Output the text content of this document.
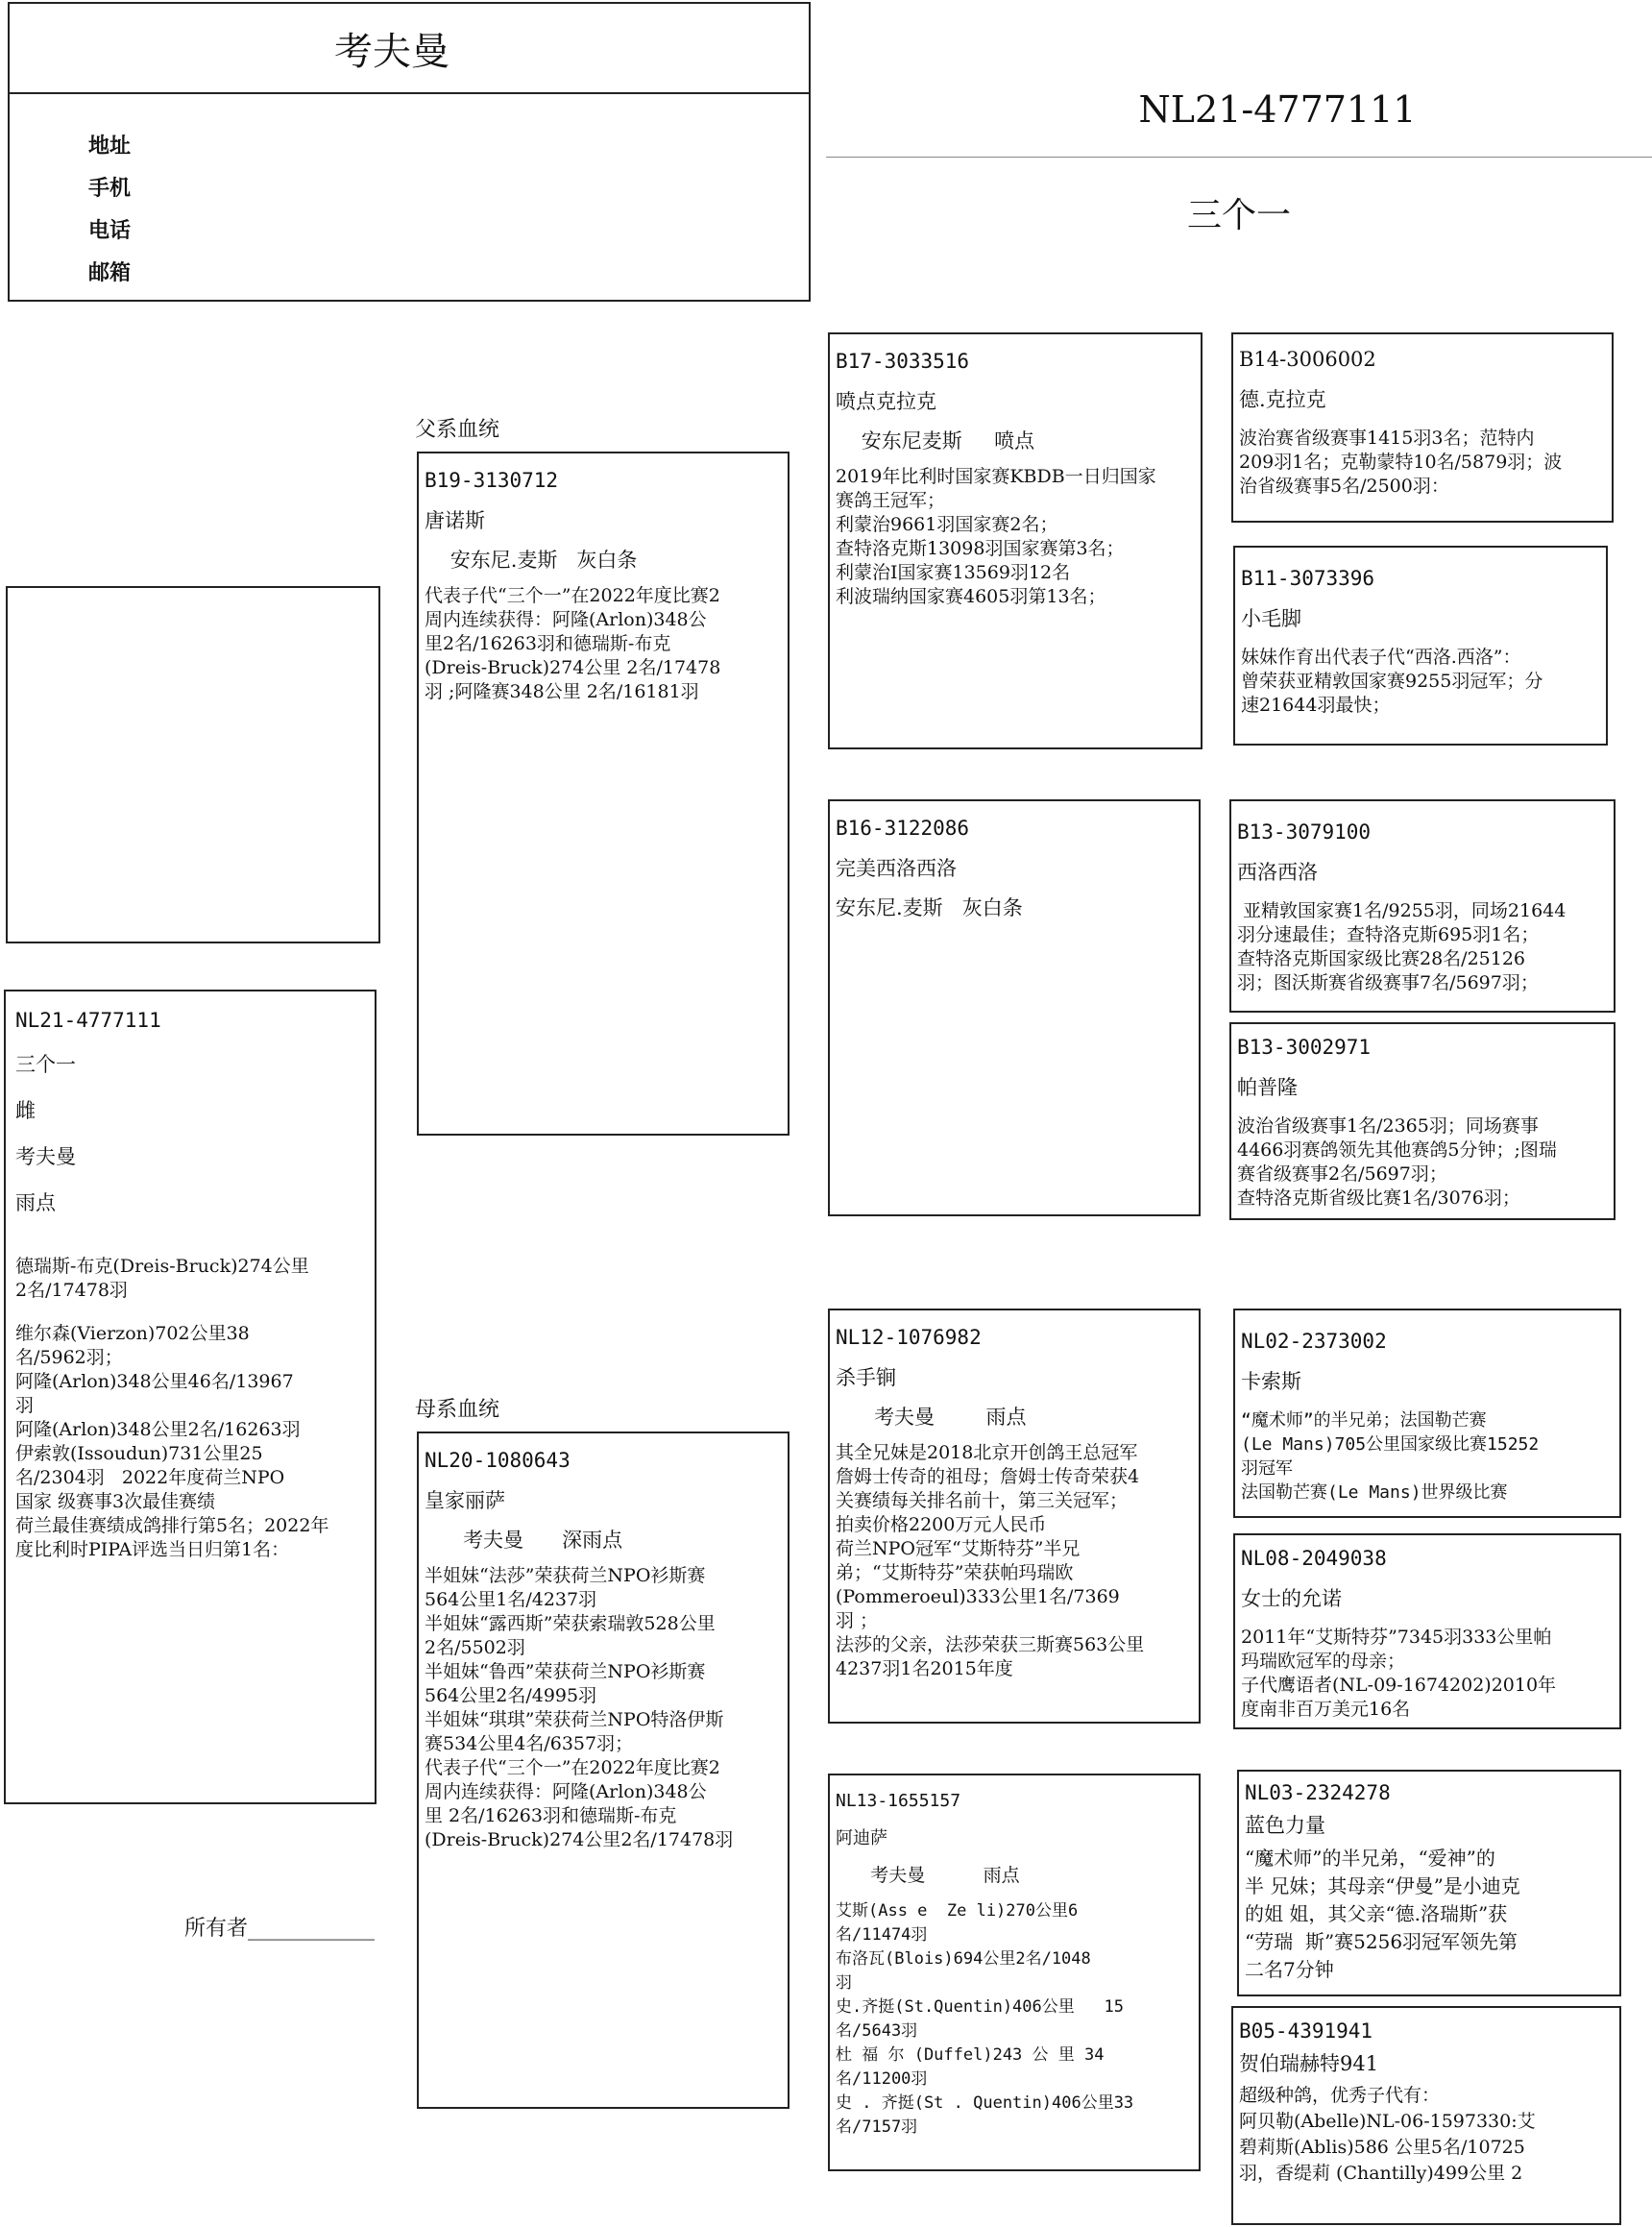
考夫曼
地址
手机
电话
邮箱
NL21-4777111
三个一
NL21-4777111
三个一
雌
考夫曼
雨点
德瑞斯-布克(Dreis-Bruck)274公里
2名/17478羽
维尔森(Vierzon)702公里38
名/5962羽；
阿隆(Arlon)348公里46名/13967
羽
阿隆(Arlon)348公里2名/16263羽
伊索敦(Issoudun)731公里25
名/2304羽   2022年度荷兰NPO
国家 级赛事3次最佳赛绩
荷兰最佳赛绩成鸽排行第5名；2022年
度比利时PIPA评选当日归第1名：
所有者____________
父系血统
母系血统
B19-3130712
唐诺斯
安东尼.麦斯   灰白条
代表子代“三个一”在2022年度比赛2
周内连续获得：阿隆(Arlon)348公
里2名/16263羽和德瑞斯-布克
(Dreis-Bruck)274公里 2名/17478
羽 ;阿隆赛348公里 2名/16181羽
NL20-1080643
皇家丽萨
考夫曼      深雨点
半姐妹“法莎”荣获荷兰NPO衫斯赛
564公里1名/4237羽
半姐妹“露西斯”荣获索瑞敦528公里
2名/5502羽
半姐妹“鲁西”荣获荷兰NPO衫斯赛
564公里2名/4995羽
半姐妹“琪琪”荣获荷兰NPO特洛伊斯
赛534公里4名/6357羽；
代表子代“三个一”在2022年度比赛2
周内连续获得：阿隆(Arlon)348公
里 2名/16263羽和德瑞斯-布克
(Dreis-Bruck)274公里2名/17478羽
B17-3033516
喷点克拉克
安东尼麦斯     喷点
2019年比利时国家赛KBDB一日归国家
赛鸽王冠军；
利蒙治9661羽国家赛2名；
查特洛克斯13098羽国家赛第3名；
利蒙治I国家赛13569羽12名
利波瑞纳国家赛4605羽第13名；
B16-3122086
完美西洛西洛
安东尼.麦斯   灰白条
NL12-1076982
杀手锏
考夫曼        雨点
其全兄妹是2018北京开创鸽王总冠军
詹姆士传奇的祖母；詹姆士传奇荣获4
关赛绩每关排名前十，第三关冠军；
拍卖价格2200万元人民币
荷兰NPO冠军“艾斯特芬”半兄
弟；“艾斯特芬”荣获帕玛瑞欧
(Pommeroeul)333公里1名/7369
羽 ；
法莎的父亲，法莎荣获三斯赛563公里
4237羽1名2015年度
NL13-1655157
阿迪萨
考夫曼          雨点
艾斯(Ass e  Ze li)270公里6
名/11474羽
布洛瓦(Blois)694公里2名/1048
羽
史.齐挺(St.Quentin)406公里   15
名/5643羽
杜 福 尔 (Duffel)243 公 里 34
名/11200羽
史 . 齐挺(St . Quentin)406公里33
名/7157羽
B14-3006002
德.克拉克
波治赛省级赛事1415羽3名；范特内
209羽1名；克勒蒙特10名/5879羽；波
治省级赛事5名/2500羽：
B11-3073396
小毛脚
妹妹作育出代表子代“西洛.西洛”：
曾荣获亚精敦国家赛9255羽冠军；分
速21644羽最快；
B13-3079100
西洛西洛
亚精敦国家赛1名/9255羽，同场21644
羽分速最佳；查特洛克斯695羽1名；
查特洛克斯国家级比赛28名/25126
羽；图沃斯赛省级赛事7名/5697羽；
B13-3002971
帕普隆
波治省级赛事1名/2365羽；同场赛事
4466羽赛鸽领先其他赛鸽5分钟；;图瑞
赛省级赛事2名/5697羽；
查特洛克斯省级比赛1名/3076羽；
NL02-2373002
卡索斯
“魔术师”的半兄弟；法国勒芒赛
(Le Mans)705公里国家级比赛15252
羽冠军
法国勒芒赛(Le Mans)世界级比赛
NL08-2049038
女士的允诺
2011年“艾斯特芬”7345羽333公里帕
玛瑞欧冠军的母亲；
子代鹰语者(NL-09-1674202)2010年
度南非百万美元16名
NL03-2324278
蓝色力量
“魔术师”的半兄弟，“爱神”的
半 兄妹；其母亲“伊曼”是小迪克
的姐 姐，其父亲“德.洛瑞斯”获
“劳瑞  斯”赛5256羽冠军领先第
二名7分钟
B05-4391941
贺伯瑞赫特941
超级种鸽，优秀子代有：
阿贝勒(Abelle)NL-06-1597330:艾
碧莉斯(Ablis)586 公里5名/10725
羽，香缇莉 (Chantilly)499公里 2
